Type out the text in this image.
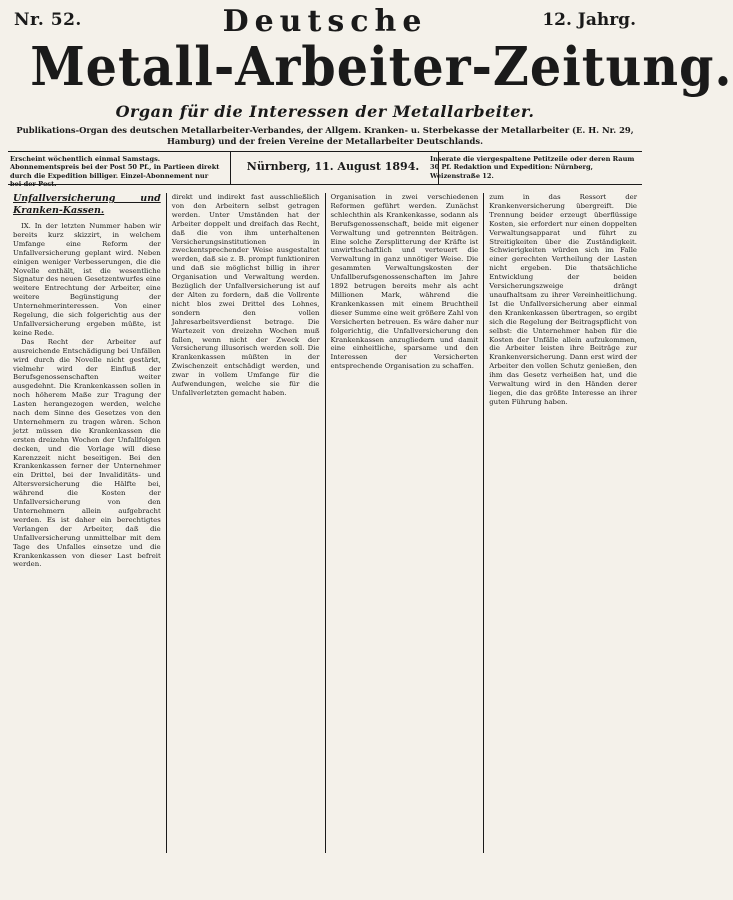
Nr. 52.	Deutsche	12. Jahrg.
Metall-Arbeiter-Zeitung.
Organ für die Interessen der Metallarbeiter.
Publikations-Organ des deutschen Metallarbeiter-Verbandes, der Allgem. Kranken- u. Sterbekasse der Metallarbeiter (E. H. Nr. 29, Hamburg) und der freien Vereine der Metallarbeiter Deutschlands.
Erscheint wöchentlich einmal Samstags. Abonnementspreis bei der Post 50 Pf., in Partieen direkt durch die Expedition billiger. Einzel-Abonnement nur bei der Post.
Nürnberg, 11. August 1894.
Inserate die viergespaltene Petitzeile oder deren Raum 30 Pf. Redaktion und Expedition: Nürnberg, Weizenstraße 12.
Unfallversicherung und Kranken-Kassen.

IX. In der letzten Nummer haben wir bereits kurz skizzirt, in welchem Umfange eine Reform der Unfallversicherung geplant wird. Neben einigen weniger Verbesserungen, die die Novelle enthält, ist die wesentliche Signatur des neuen Gesetzentwurfes eine weitere Entrechtung der Arbeiter, eine weitere Begünstigung der Unternehmerinteressen. Von einer Regelung, die sich folgerichtig aus der Unfallversicherung ergeben müßte, ist keine Rede.

Das Recht der Arbeiter auf ausreichende Entschädigung bei Unfällen wird durch die Novelle nicht gestärkt, vielmehr wird der Einfluß der Berufsgenossenschaften weiter ausgedehnt. Die Krankenkassen sollen in noch höherem Maße zur Tragung der Lasten herangezogen werden, welche nach dem Sinne des Gesetzes von den Unternehmern zu tragen wären. Schon jetzt müssen die Krankenkassen die ersten dreizehn Wochen der Unfallfolgen decken, und die Vorlage will diese Karenzzeit nicht beseitigen. Bei den Krankenkassen ferner der Unternehmer ein Drittel, bei der Invaliditäts- und Altersversicherung die Hälfte bei, während die Kosten der Unfallversicherung von den Unternehmern allein aufgebracht werden. Es ist daher ein berechtigtes Verlangen der Arbeiter, daß die Unfallversicherung unmittelbar mit dem Tage des Unfalles einsetze und die Krankenkassen von dieser Last befreit werden.

direkt und indirekt fast ausschließlich von den Arbeitern selbst getragen werden. Unter Umständen hat der Arbeiter doppelt und dreifach das Recht, daß die von ihm unterhaltenen Versicherungsinstitutionen in zweckentsprechender Weise ausgestaltet werden, daß sie z. B. prompt funktioniren und daß sie möglichst billig in ihrer Organisation und Verwaltung werden. Bezüglich der Unfallversicherung ist auf der Alten zu fordern, daß die Vollrente nicht blos zwei Drittel des Lohnes, sondern den vollen Jahresarbeitsverdienst betrage. Die Wartezeit von dreizehn Wochen muß fallen, wenn nicht der Zweck der Versicherung illusorisch werden soll. Die Krankenkassen müßten in der Zwischenzeit entschädigt werden, und zwar in vollem Umfange für die Aufwendungen, welche sie für die Unfallverletzten gemacht haben.

Organisation in zwei verschiedenen Reformen geführt werden. Zunächst schlechthin als Krankenkasse, sodann als Berufsgenossenschaft, beide mit eigener Verwaltung und getrennten Beiträgen. Eine solche Zersplitterung der Kräfte ist unwirthschaftlich und verteuert die Verwaltung in ganz unnötiger Weise. Die gesammten Verwaltungskosten der Unfallberufsgenossenschaften im Jahre 1892 betrugen bereits mehr als acht Millionen Mark, während die Krankenkassen mit einem Bruchtheil dieser Summe eine weit größere Zahl von Versicherten betreuen. Es wäre daher nur folgerichtig, die Unfallversicherung den Krankenkassen anzugliedern und damit eine einheitliche, sparsame und den Interessen der Versicherten entsprechende Organisation zu schaffen.

zum in das Ressort der Krankenversicherung übergreift. Die Trennung beider erzeugt überflüssige Kosten, sie erfordert nur einen doppelten Verwaltungsapparat und führt zu Streitigkeiten über die Zuständigkeit. Schwierigkeiten würden sich im Falle einer gerechten Vertheilung der Lasten nicht ergeben. Die thatsächliche Entwicklung der beiden Versicherungszweige drängt unaufhaltsam zu ihrer Vereinheitlichung. Ist die Unfallversicherung aber einmal den Krankenkassen übertragen, so ergibt sich die Regelung der Beitragspflicht von selbst: die Unternehmer haben für die Kosten der Unfälle allein aufzukommen, die Arbeiter leisten ihre Beiträge zur Krankenversicherung. Dann erst wird der Arbeiter den vollen Schutz genießen, den ihm das Gesetz verheißen hat, und die Verwaltung wird in den Händen derer liegen, die das größte Interesse an ihrer guten Führung haben.
